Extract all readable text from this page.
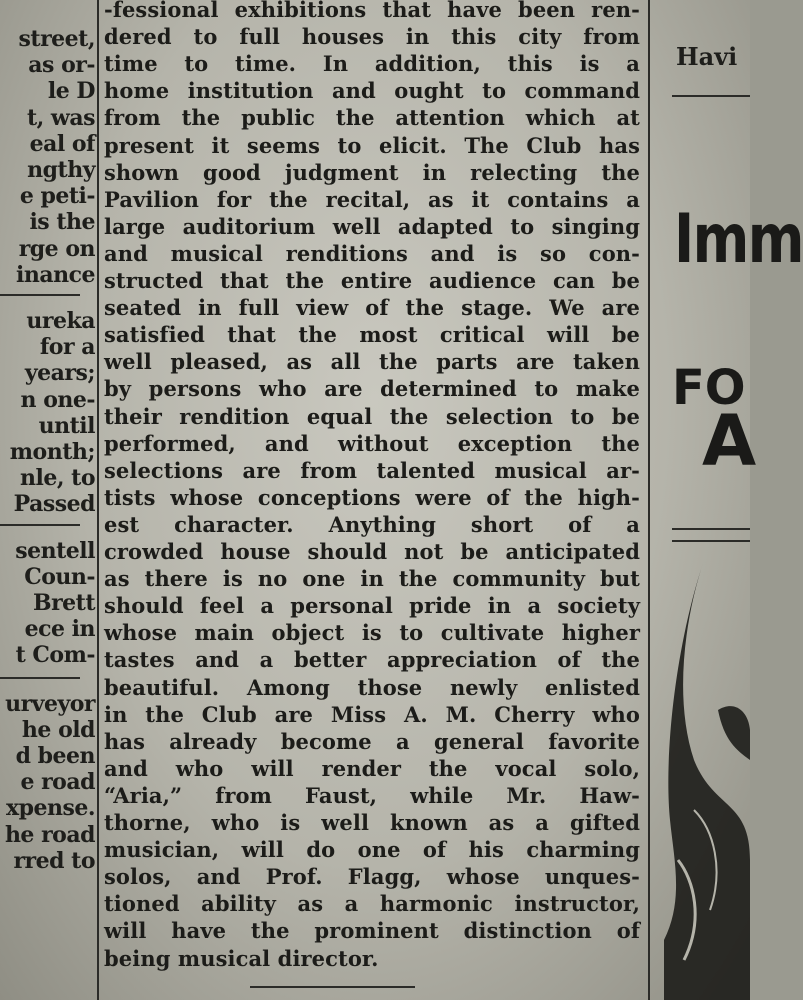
street,
as or-
le D
t, was
eal of
ngthy
e peti-
is the
rge on
inance
ureka
for a
years;
n one-
until
month;
nle, to
Passed
sentell
Coun-
Brett
ece in
t Com-
urveyor
he old
d been
e road
xpense.
he road
rred to
-fessional exhibitions that have been ren-
dered to full houses in this city from
time to time. In addition, this is a
home institution and ought to command
from the public the attention which at
present it seems to elicit. The Club has
shown good judgment in relecting the
Pavilion for the recital, as it contains a
large auditorium well adapted to singing
and musical renditions and is so con-
structed that the entire audience can be
seated in full view of the stage. We are
satisfied that the most critical will be
well pleased, as all the parts are taken
by persons who are determined to make
their rendition equal the selection to be
performed, and without exception the
selections are from talented musical ar-
tists whose conceptions were of the high-
est character. Anything short of a
crowded house should not be anticipated
as there is no one in the community but
should feel a personal pride in a society
whose main object is to cultivate higher
tastes and a better appreciation of the
beautiful. Among those newly enlisted
in the Club are Miss A. M. Cherry who
has already become a general favorite
and who will render the vocal solo,
“Aria,” from Faust, while Mr. Haw-
thorne, who is well known as a gifted
musician, will do one of his charming
solos, and Prof. Flagg, whose unques-
tioned ability as a harmonic instructor,
will have the prominent distinction of
being musical director.
Havi
Imm
FO
A
